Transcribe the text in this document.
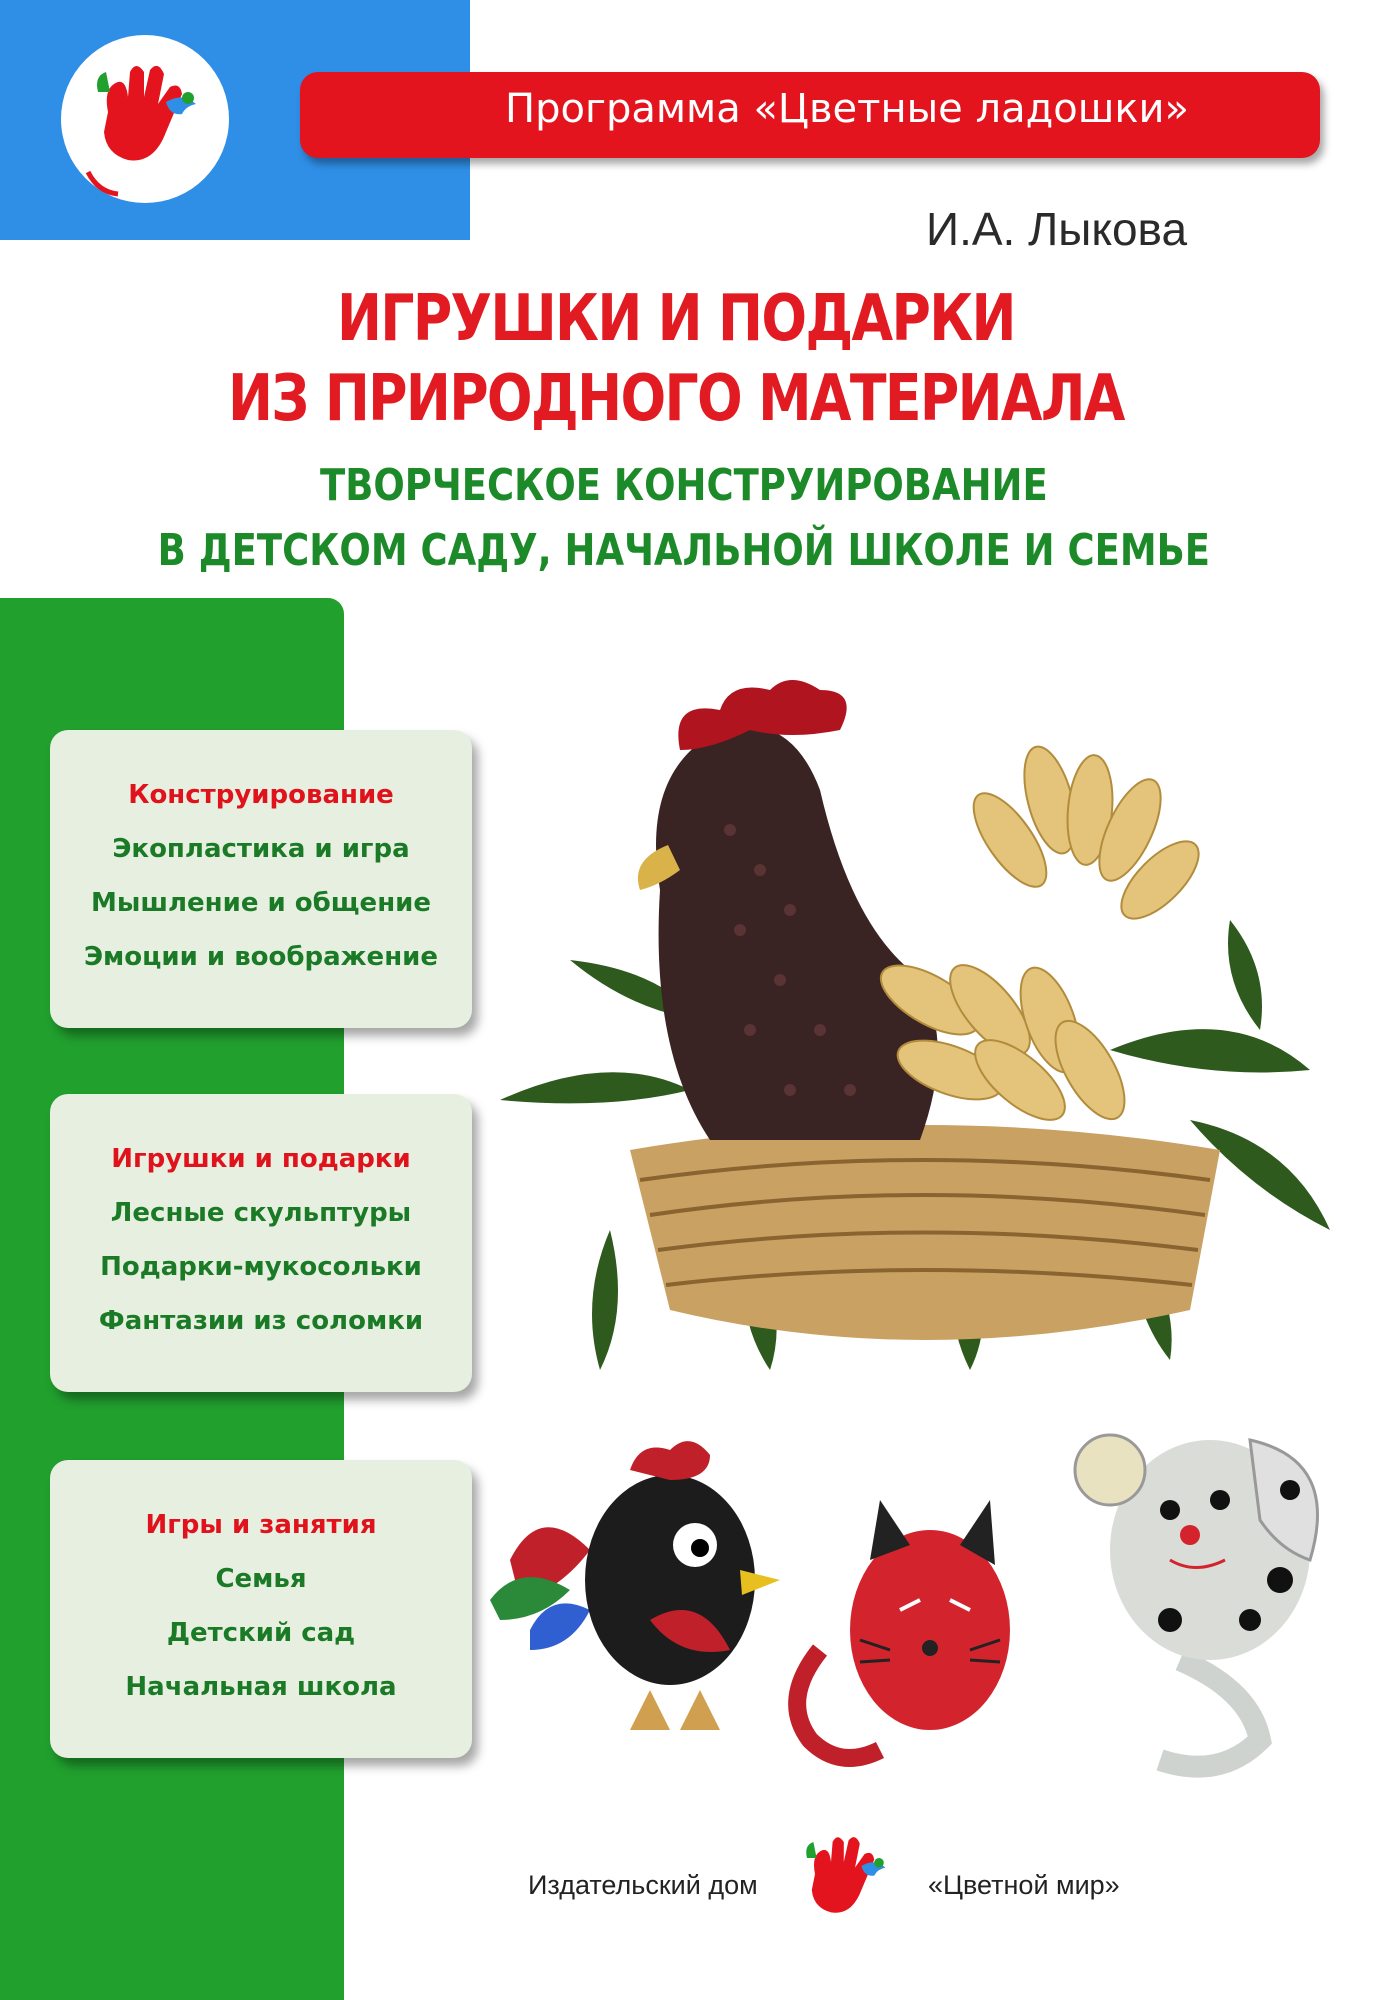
Программа «Цветные ладошки»
И.А. Лыкова
ИГРУШКИ И ПОДАРКИ
ИЗ ПРИРОДНОГО МАТЕРИАЛА
ТВОРЧЕСКОЕ КОНСТРУИРОВАНИЕ
В ДЕТСКОМ САДУ, НАЧАЛЬНОЙ ШКОЛЕ И СЕМЬЕ
Конструирование
Экопластика и игра
Мышление и общение
Эмоции и воображение
Игрушки и подарки
Лесные скульптуры
Подарки-мукосольки
Фантазии из соломки
Игры и занятия
Семья
Детский сад
Начальная школа
Издательский дом	«Цветной мир»
